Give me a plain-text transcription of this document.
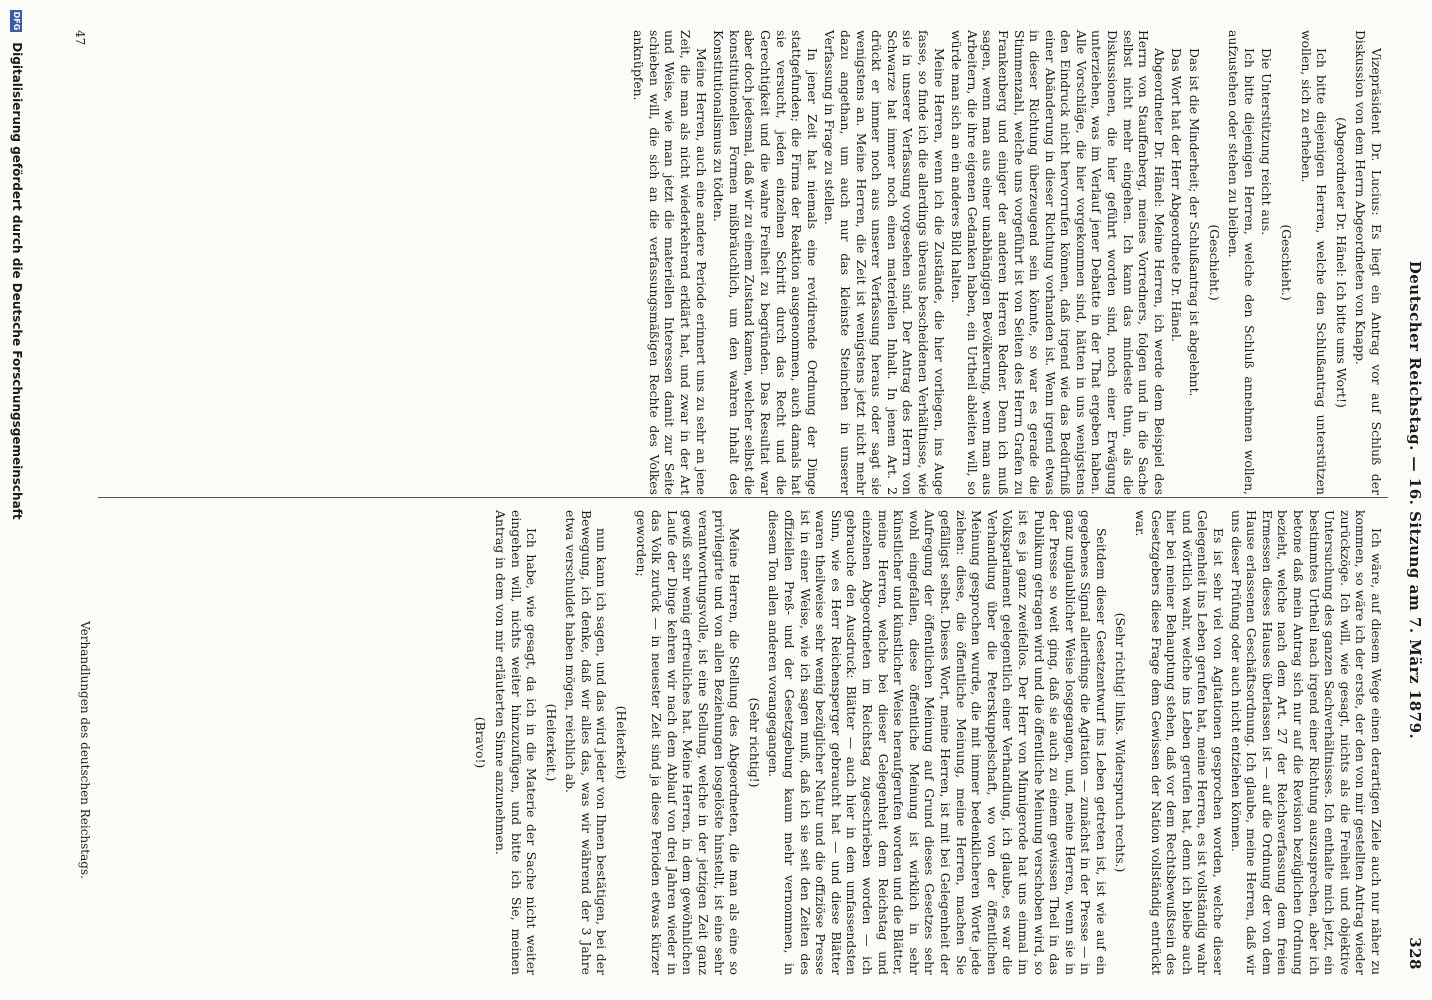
Deutscher Reichstag. — 16. Sitzung am 7. März 1879.
328

Vizepräsident Dr. Lucius: Es liegt ein Antrag vor auf Schluß der Diskussion von dem Herrn Abgeordneten von Knapp.

(Abgeordneter Dr. Hänel: Ich bitte ums Wort!)

Ich bitte diejenigen Herren, welche den Schlußantrag unterstützen wollen, sich zu erheben.

(Geschieht.)

Die Unterstützung reicht aus.

Ich bitte diejenigen Herren, welche den Schluß annehmen wollen, aufzustehen oder stehen zu bleiben.

(Geschieht.)

Das ist die Minderheit; der Schlußantrag ist abgelehnt.

Das Wort hat der Herr Abgeordnete Dr. Hänel.

Abgeordneter Dr. Hänel: Meine Herren, ich werde dem Beispiel des Herrn von Stauffenberg, meines Vorredners, folgen und in die Sache selbst nicht mehr eingehen. Ich kann das mindeste thun, als die Diskussionen, die hier geführt worden sind, noch einer Erwägung unterziehen, was im Verlauf jener Debatte in der That ergeben haben. Alle Vorschläge, die hier vorgekommen sind, hätten in uns wenigstens den Eindruck nicht hervorrufen können, daß irgend wie das Bedürfniß einer Abänderung in dieser Richtung vorhanden ist. Wenn irgend etwas in dieser Richtung überzeugend sein könnte, so war es gerade die Stimmenzahl, welche uns vorgeführt ist von Seiten des Herrn Grafen zu Frankenberg und einiger der anderen Herren Redner. Denn ich muß sagen, wenn man aus einer unabhängigen Bevölkerung, wenn man aus Arbeitern, die ihre eigenen Gedanken haben, ein Urtheil ableiten will, so würde man sich an ein anderes Bild halten.

Meine Herren, wenn ich die Zustände, die hier vorliegen, ins Auge fasse, so finde ich die allerdings überaus bescheidenen Verhältnisse, wie sie in unserer Verfassung vorgesehen sind. Der Antrag des Herrn von Schwarze hat immer noch einen materiellen Inhalt. In jenem Art. 2 drückt er immer noch aus unserer Verfassung heraus oder sagt sie wenigstens an. Meine Herren, die Zeit ist wenigstens jetzt nicht mehr dazu angethan, um auch nur das kleinste Steinchen in unserer Verfassung in Frage zu stellen.

In jener Zeit hat niemals eine revidirende Ordnung der Dinge stattgefunden; die Firma der Reaktion ausgenommen, auch damals hat sie versucht, jeden einzelnen Schritt durch das Recht und die Gerechtigkeit und die wahre Freiheit zu begründen. Das Resultat war aber doch jedesmal, daß wir zu einem Zustand kamen, welcher selbst die konstitutionellen Formen mißbräuchlich, um den wahren Inhalt des Konstitutionalismus zu tödten.

Meine Herren, auch eine andere Periode erinnert uns zu sehr an jene Zeit, die man als nicht wiederkehrend erklärt hat, und zwar in der Art und Weise, wie man jetzt die materiellen Interessen damit zur Seite schieben will, die sich an die verfassungsmäßigen Rechte des Volkes anknüpfen.

Ich wäre, auf diesem Wege einen derartigen Ziele auch nur näher zu kommen, so wäre ich der erste, der den von mir gestellten Antrag wieder zurückzöge. Ich will, wie gesagt, nichts als die Freiheit und objektive Untersuchung des ganzen Sachverhältnisses. Ich enthalte mich jetzt, ein bestimmtes Urtheil nach irgend einer Richtung auszusprechen, aber ich betone daß mein Antrag sich nur auf die Revision bezüglichen Ordnung bezieht, welche nach dem Art. 27 der Reichsverfassung dem freien Ermessen dieses Hauses überlassen ist — auf die Ordnung der von dem Hause erlassenen Geschäftsordnung. Ich glaube, meine Herren, daß wir uns dieser Prüfung oder auch nicht entziehen können.

Es ist sehr viel von Agitationen gesprochen worden, welche dieser Gelegenheit ins Leben gerufen hat, meine Herren, es ist vollständig wahr und wörtlich wahr, welche ins Leben gerufen hat, denn ich bleibe auch hier bei meiner Behauptung stehen, daß vor dem Rechtsbewußtsein des Gesetzgebers diese Frage dem Gewissen der Nation vollständig entrückt war.

(Sehr richtig! links. Widerspruch rechts.)

Seitdem dieser Gesetzentwurf ins Leben getreten ist, ist wie auf ein gegebenes Signal allerdings die Agitation — zunächst in der Presse — in ganz unglaublicher Weise losgegangen, und, meine Herren, wenn sie in der Presse so weit ging, daß sie auch zu einem gewissen Theil in das Publikum getragen wird und die öffentliche Meinung verschoben wird, so ist es ja ganz zweifellos. Der Herr von Minnigerode hat uns einmal im Volksparlament gelegentlich einer Verhandlung, ich glaube, es war die Verhandlung über die Peterskuppelschaft, wo von der öffentlichen Meinung gesprochen wurde, die mit immer bedenklicheren Worte jede ziehen: diese, die öffentliche Meinung, meine Herren, machen Sie gefälligst selbst. Dieses Wort, meine Herren, ist mit bei Gelegenheit der Aufregung der öffentlichen Meinung auf Grund dieses Gesetzes sehr wohl eingefallen, diese öffentliche Meinung ist wirklich in sehr künstlicher und künstlicher Weise heraufgerufen worden und die Blätter, meine Herren, welche bei dieser Gelegenheit dem Reichstag und einzelnen Abgeordneten im Reichstag zugeschrieben worden — ich gebrauche den Ausdruck: Blätter — auch hier in dem umfassendsten Sinn, wie es Herr Reichensperger gebraucht hat — und diese Blätter waren theilweise sehr wenig bezüglicher Natur und die offiziöse Presse ist in einer Weise, wie ich sagen muß, daß ich sie seit den Zeiten des offiziellen Preß- und der Gesetzgebung kaum mehr vernommen, in diesem Ton allen anderen vorangegangen.

(Sehr richtig!)

Meine Herren, die Stellung des Abgeordneten, die man als eine so privilegirte und von allen Beziehungen losgelöste hinstellt, ist eine sehr verantwortungsvolle, ist eine Stellung, welche in der jetzigen Zeit ganz gewiß sehr wenig erfreuliches hat. Meine Herren, in dem gewöhnlichen Laufe der Dinge kehren wir nach dem Ablauf von drei Jahren wieder in das Volk zurück — in neuester Zeit sind ja diese Perioden etwas kürzer geworden;

(Heiterkeit)

nun kann ich sagen, und das wird jeder von Ihnen bestätigen, bei der Bewegung, ich denke, daß wir alles das, was wir während der 3 Jahre etwa verschuldet haben mögen, reichlich ab.

(Heiterkeit.)

Ich habe, wie gesagt, da ich in die Materie der Sache nicht weiter eingehen will, nichts weiter hinzuzufügen, und bitte ich Sie, meinen Antrag in dem von mir erläuterten Sinne anzunehmen.

(Bravo!)

47
Verhandlungen des deutschen Reichstags.
DFG Digitalisierung gefördert durch die Deutsche Forschungsgemeinschaft
